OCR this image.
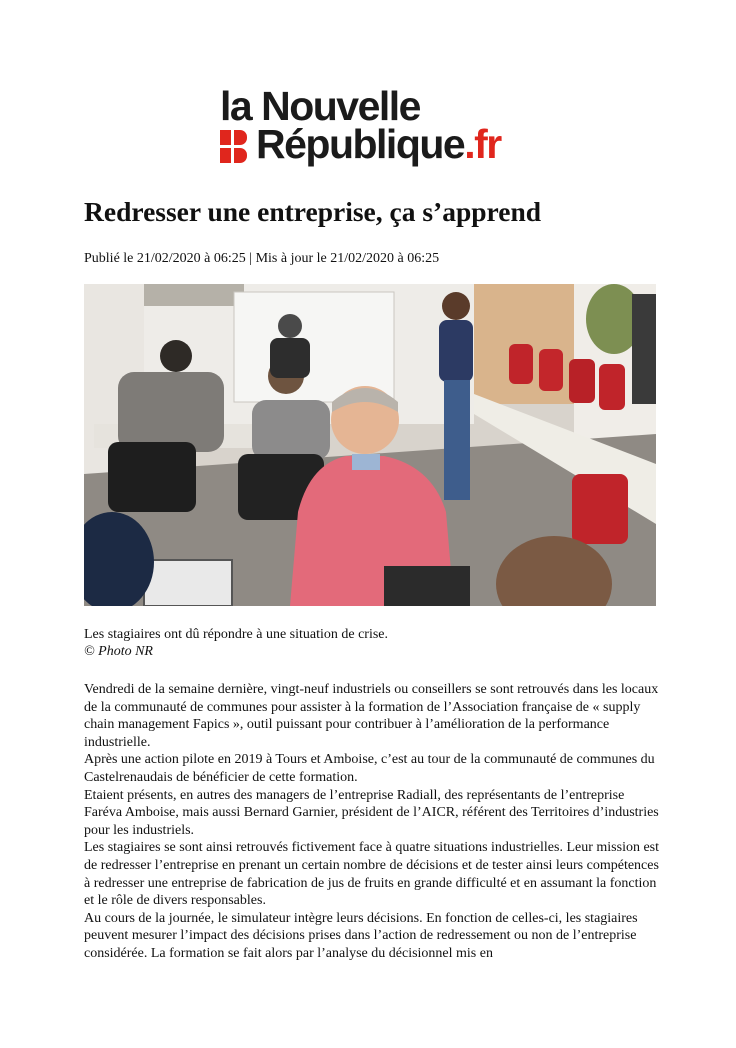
la Nouvelle
République.fr
Redresser une entreprise, ça s’apprend
Publié le 21/02/2020 à 06:25 | Mis à jour le 21/02/2020 à 06:25
Les stagiaires ont dû répondre à une situation de crise.
© Photo NR

Vendredi de la semaine dernière, vingt-neuf industriels ou conseillers se sont retrouvés dans les locaux de la communauté de communes pour assister à la formation de l’Association française de « supply chain management Fapics », outil puissant pour contribuer à l’amélioration de la performance industrielle.

Après une action pilote en 2019 à Tours et Amboise, c’est au tour de la communauté de communes du Castelrenaudais de bénéficier de cette formation.

Etaient présents, en autres des managers de l’entreprise Radiall, des représentants de l’entreprise Faréva Amboise, mais aussi Bernard Garnier, président de l’AICR, référent des Territoires d’industries pour les industriels.

Les stagiaires se sont ainsi retrouvés fictivement face à quatre situations industrielles. Leur mission est de redresser l’entreprise en prenant un certain nombre de décisions et de tester ainsi leurs compétences à redresser une entreprise de fabrication de jus de fruits en grande difficulté et en assumant la fonction et le rôle de divers responsables.

Au cours de la journée, le simulateur intègre leurs décisions. En fonction de celles-ci, les stagiaires peuvent mesurer l’impact des décisions prises dans l’action de redressement ou non de l’entreprise considérée. La formation se fait alors par l’analyse du décisionnel mis en
